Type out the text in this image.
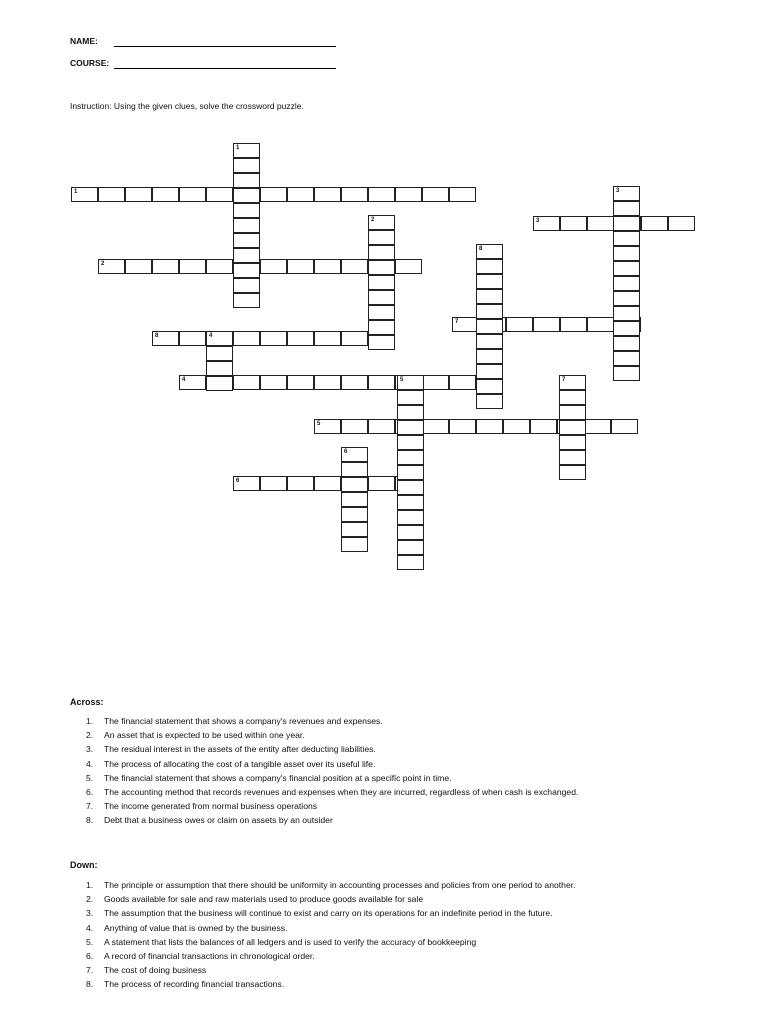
NAME:
COURSE:
Instruction: Using the given clues, solve the crossword puzzle.
1
2
3
4
5
6
7
8
1
2
3
4
5
6
7
8
Across:
1. The financial statement that shows a company's revenues and expenses.
2. An asset that is expected to be used within one year.
3. The residual interest in the assets of the entity after deducting liabilities.
4. The process of allocating the cost of a tangible asset over its useful life.
5. The financial statement that shows a company's financial position at a specific point in time.
6. The accounting method that records revenues and expenses when they are incurred, regardless of when cash is exchanged.
7. The income generated from normal business operations
8. Debt that a business owes or claim on assets by an outsider
Down:
1. The principle or assumption that there should be uniformity in accounting processes and policies from one period to another.
2. Goods available for sale and raw materials used to produce goods available for sale
3. The assumption that the business will continue to exist and carry on its operations for an indefinite period in the future.
4. Anything of value that is owned by the business.
5. A statement that lists the balances of all ledgers and is used to verify the accuracy of bookkeeping
6. A record of financial transactions in chronological order.
7. The cost of doing business
8. The process of recording financial transactions.
